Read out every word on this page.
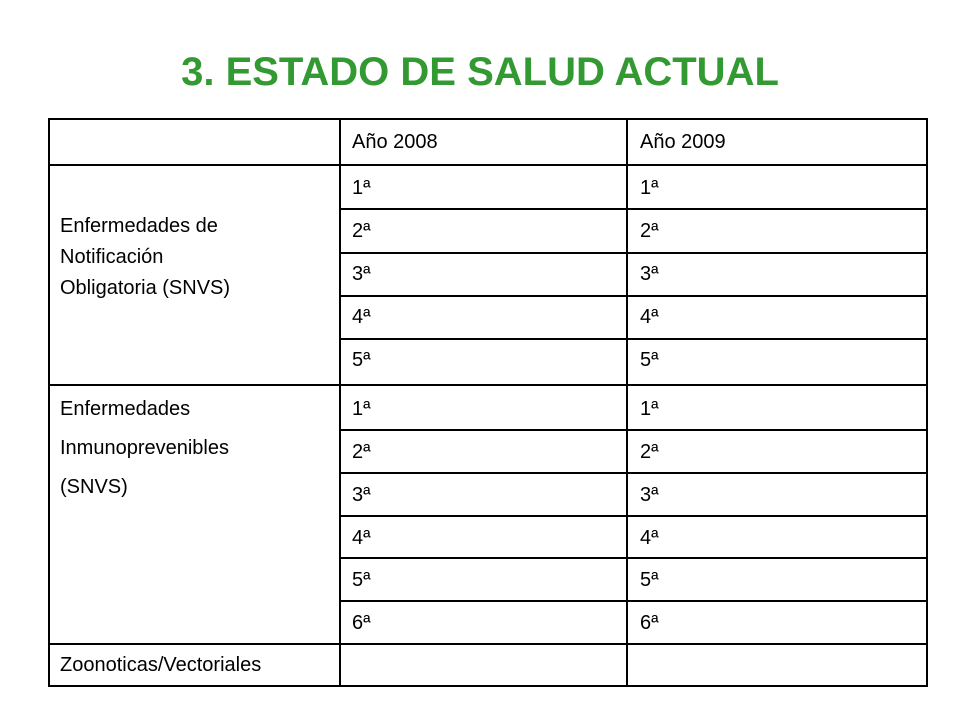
3. ESTADO DE SALUD ACTUAL
Año 2008	Año 2009
Enfermedades de
Notificación
Obligatoria (SNVS)
1ª	1ª
2ª	2ª
3ª	3ª
4ª	4ª
5ª	5ª
Enfermedades
Inmunoprevenibles
(SNVS)
1ª	1ª
2ª	2ª
3ª	3ª
4ª	4ª
5ª	5ª
6ª	6ª
Zoonoticas/Vectoriales
